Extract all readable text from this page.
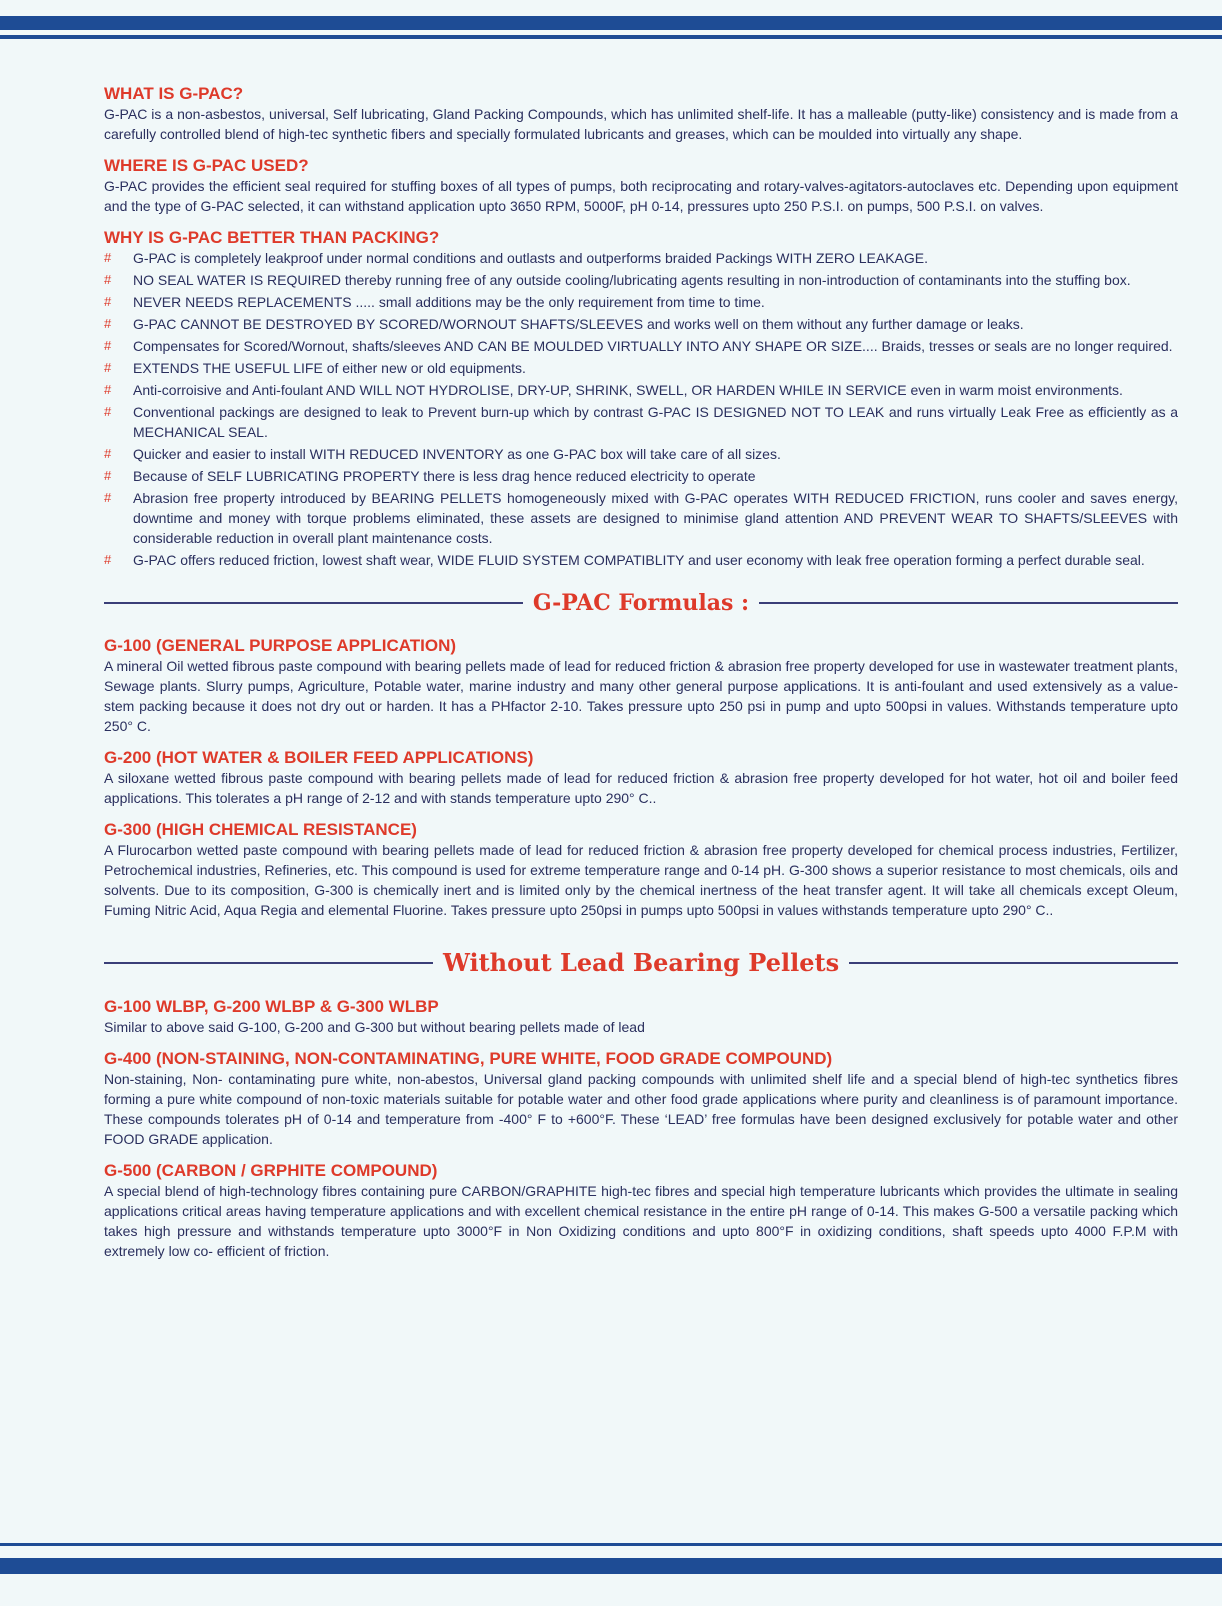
WHAT IS G-PAC?

G-PAC is a non-asbestos, universal, Self lubricating, Gland Packing Compounds, which has unlimited shelf-life. It has a malleable (putty-like) consistency and is made from a carefully controlled blend of high-tec synthetic fibers and specially formulated lubricants and greases, which can be moulded into virtually any shape.

WHERE IS G-PAC USED?

G-PAC provides the efficient seal required for stuffing boxes of all types of pumps, both reciprocating and rotary-valves-agitators-autoclaves etc. Depending upon equipment and the type of G-PAC selected, it can withstand application upto 3650 RPM, 5000F, pH 0-14, pressures upto 250 P.S.I. on pumps, 500 P.S.I. on valves.

WHY IS G-PAC BETTER THAN PACKING?
# G-PAC is completely leakproof under normal conditions and outlasts and outperforms braided Packings WITH ZERO LEAKAGE.
# NO SEAL WATER IS REQUIRED thereby running free of any outside cooling/lubricating agents resulting in non-introduction of contaminants into the stuffing box.
# NEVER NEEDS REPLACEMENTS ..... small additions may be the only requirement from time to time.
# G-PAC CANNOT BE DESTROYED BY SCORED/WORNOUT SHAFTS/SLEEVES and works well on them without any further damage or leaks.
# Compensates for Scored/Wornout, shafts/sleeves AND CAN BE MOULDED VIRTUALLY INTO ANY SHAPE OR SIZE.... Braids, tresses or seals are no longer required.
# EXTENDS THE USEFUL LIFE of either new or old equipments.
# Anti-corroisive and Anti-foulant AND WILL NOT HYDROLISE, DRY-UP, SHRINK, SWELL, OR HARDEN WHILE IN SERVICE even in warm moist environments.
# Conventional packings are designed to leak to Prevent burn-up which by contrast G-PAC IS DESIGNED NOT TO LEAK and runs virtually Leak Free as efficiently as a MECHANICAL SEAL.
# Quicker and easier to install WITH REDUCED INVENTORY as one G-PAC box will take care of all sizes.
# Because of SELF LUBRICATING PROPERTY there is less drag hence reduced electricity to operate
# Abrasion free property introduced by BEARING PELLETS homogeneously mixed with G-PAC operates WITH REDUCED FRICTION, runs cooler and saves energy, downtime and money with torque problems eliminated, these assets are designed to minimise gland attention AND PREVENT WEAR TO SHAFTS/SLEEVES with considerable reduction in overall plant maintenance costs.
# G-PAC offers reduced friction, lowest shaft wear, WIDE FLUID SYSTEM COMPATIBLITY and user economy with leak free operation forming a perfect durable seal.
G-PAC Formulas :
G-100 (GENERAL PURPOSE APPLICATION)

A mineral Oil wetted fibrous paste compound with bearing pellets made of lead for reduced friction & abrasion free property developed for use in wastewater treatment plants, Sewage plants. Slurry pumps, Agriculture, Potable water, marine industry and many other general purpose applications. It is anti-foulant and used extensively as a value-stem packing because it does not dry out or harden. It has a PHfactor 2-10. Takes pressure upto 250 psi in pump and upto 500psi in values. Withstands temperature upto 250° C.

G-200 (HOT WATER & BOILER FEED APPLICATIONS)

A siloxane wetted fibrous paste compound with bearing pellets made of lead for reduced friction & abrasion free property developed for hot water, hot oil and boiler feed applications. This tolerates a pH range of 2-12 and with stands temperature upto 290° C..

G-300 (HIGH CHEMICAL RESISTANCE)

A Flurocarbon wetted paste compound with bearing pellets made of lead for reduced friction & abrasion free property developed for chemical process industries, Fertilizer, Petrochemical industries, Refineries, etc. This compound is used for extreme temperature range and 0-14 pH. G-300 shows a superior resistance to most chemicals, oils and solvents. Due to its composition, G-300 is chemically inert and is limited only by the chemical inertness of the heat transfer agent. It will take all chemicals except Oleum, Fuming Nitric Acid, Aqua Regia and elemental Fluorine. Takes pressure upto 250psi in pumps upto 500psi in values withstands temperature upto 290° C..

Without Lead Bearing Pellets
G-100 WLBP, G-200 WLBP & G-300 WLBP

Similar to above said G-100, G-200 and G-300 but without bearing pellets made of lead

G-400 (NON-STAINING, NON-CONTAMINATING, PURE WHITE, FOOD GRADE COMPOUND)

Non-staining, Non- contaminating pure white, non-abestos, Universal gland packing compounds with unlimited shelf life and a special blend of high-tec synthetics fibres forming a pure white compound of non-toxic materials suitable for potable water and other food grade applications where purity and cleanliness is of paramount importance. These compounds tolerates pH of 0-14 and temperature from -400° F to +600°F. These ‘LEAD’ free formulas have been designed exclusively for potable water and other FOOD GRADE application.

G-500 (CARBON / GRPHITE COMPOUND)

A special blend of high-technology fibres containing pure CARBON/GRAPHITE high-tec fibres and special high temperature lubricants which provides the ultimate in sealing applications critical areas having temperature applications and with excellent chemical resistance in the entire pH range of 0-14. This makes G-500 a versatile packing which takes high pressure and withstands temperature upto 3000°F in Non Oxidizing conditions and upto 800°F in oxidizing conditions, shaft speeds upto 4000 F.P.M with extremely low co- efficient of friction.
